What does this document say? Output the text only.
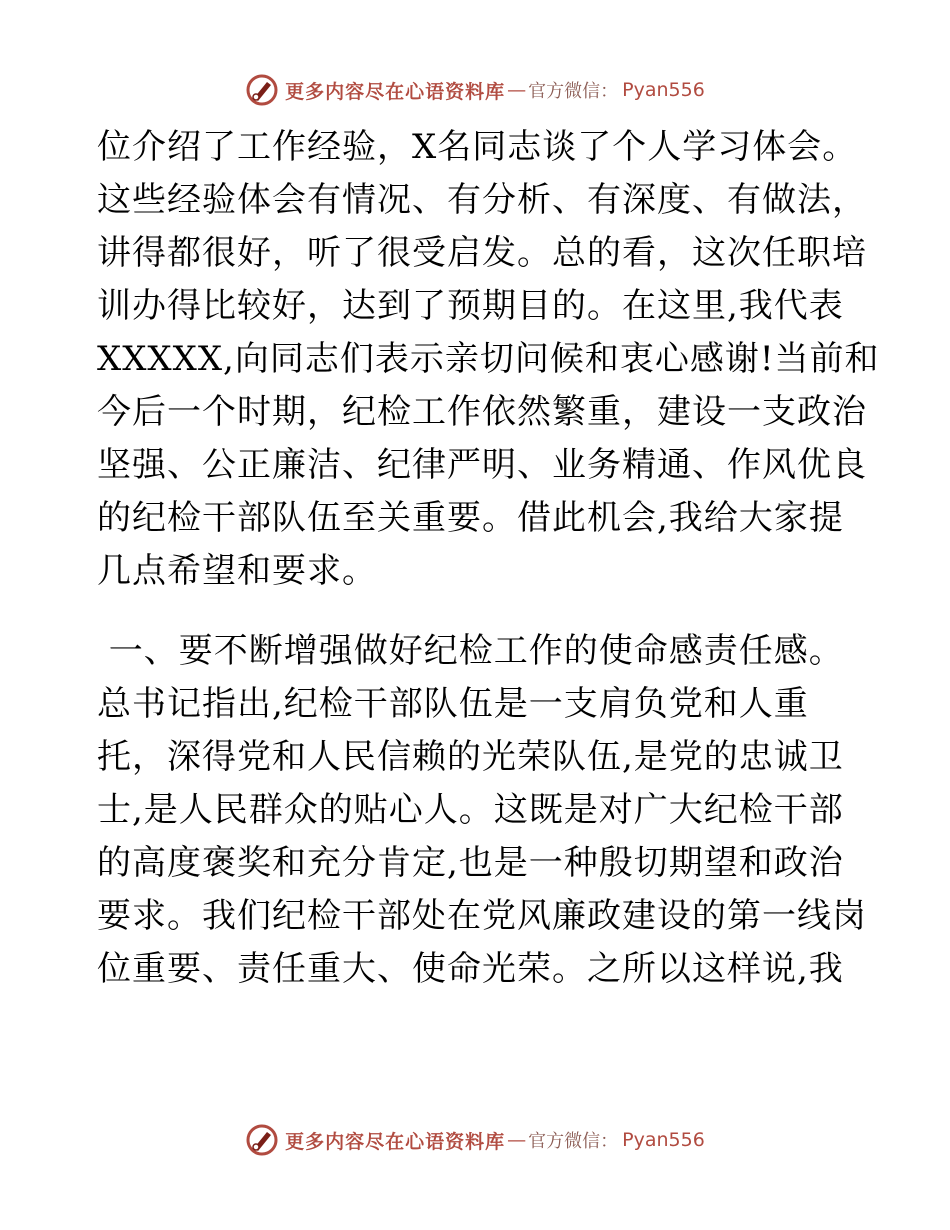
更多内容尽在心语资料库 — 官方微信： Pyan556
位介绍了工作经验，X名同志谈了个人学习体会。
这些经验体会有情况、有分析、有深度、有做法，
讲得都很好，听了很受启发。总的看，这次任职培
训办得比较好，达到了预期目的。在这里,我代表
XXXXX,向同志们表示亲切问候和衷心感谢!当前和
今后一个时期，纪检工作依然繁重，建设一支政治
坚强、公正廉洁、纪律严明、业务精通、作风优良
的纪检干部队伍至关重要。借此机会,我给大家提
几点希望和要求。
一、要不断增强做好纪检工作的使命感责任感。
总书记指出,纪检干部队伍是一支肩负党和人重
托，深得党和人民信赖的光荣队伍,是党的忠诚卫
士,是人民群众的贴心人。这既是对广大纪检干部
的高度褒奖和充分肯定,也是一种殷切期望和政治
要求。我们纪检干部处在党风廉政建设的第一线岗
位重要、责任重大、使命光荣。之所以这样说,我
更多内容尽在心语资料库 — 官方微信： Pyan556
